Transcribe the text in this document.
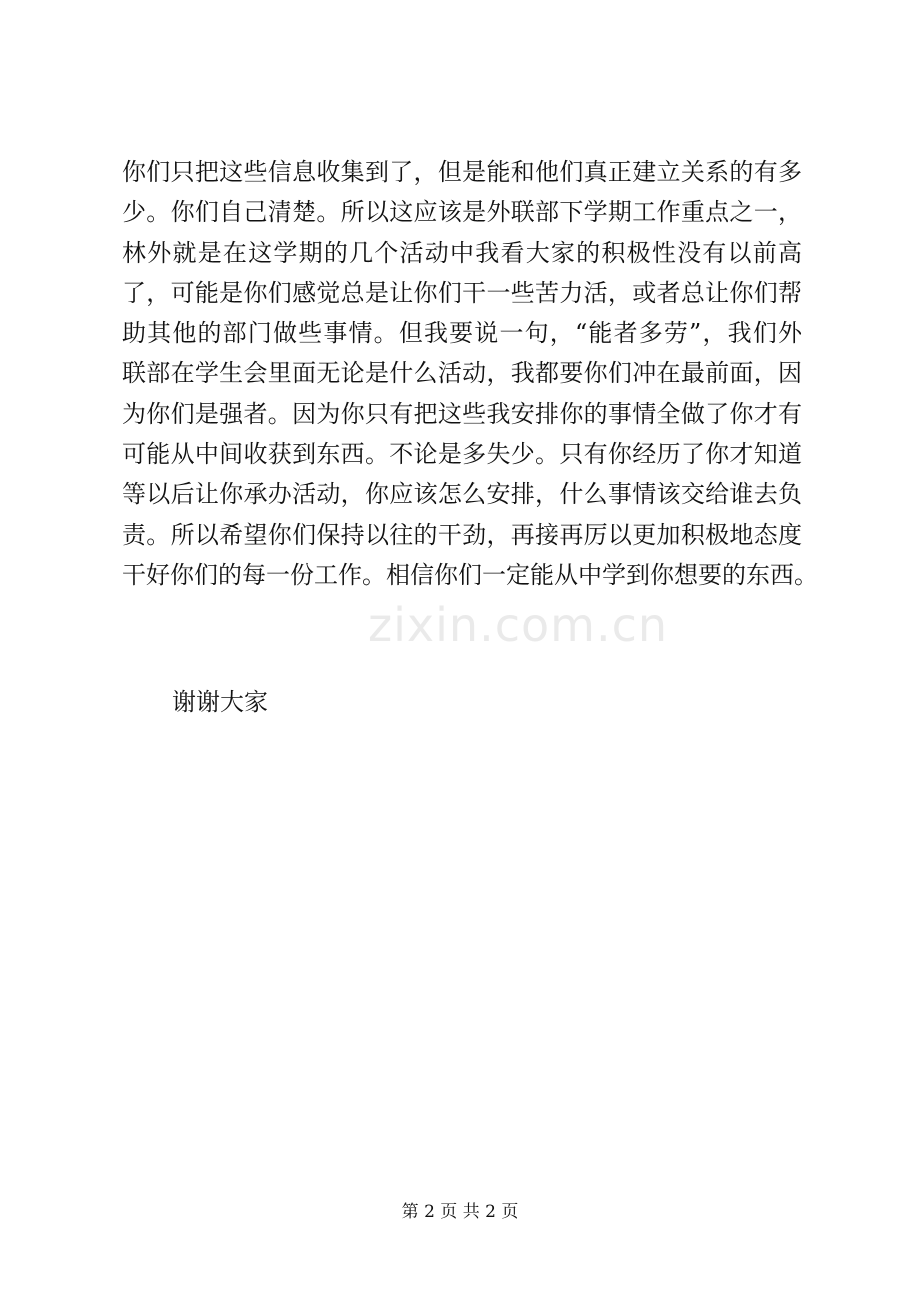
你们只把这些信息收集到了，但是能和他们真正建立关系的有多
少。你们自己清楚。所以这应该是外联部下学期工作重点之一，
林外就是在这学期的几个活动中我看大家的积极性没有以前高
了，可能是你们感觉总是让你们干一些苦力活，或者总让你们帮
助其他的部门做些事情。但我要说一句，“能者多劳”，我们外
联部在学生会里面无论是什么活动，我都要你们冲在最前面，因
为你们是强者。因为你只有把这些我安排你的事情全做了你才有
可能从中间收获到东西。不论是多失少。只有你经历了你才知道
等以后让你承办活动，你应该怎么安排，什么事情该交给谁去负
责。所以希望你们保持以往的干劲，再接再厉以更加积极地态度
干好你们的每一份工作。相信你们一定能从中学到你想要的东西。
谢谢大家
zixin.com.cn
第 2 页 共 2 页
